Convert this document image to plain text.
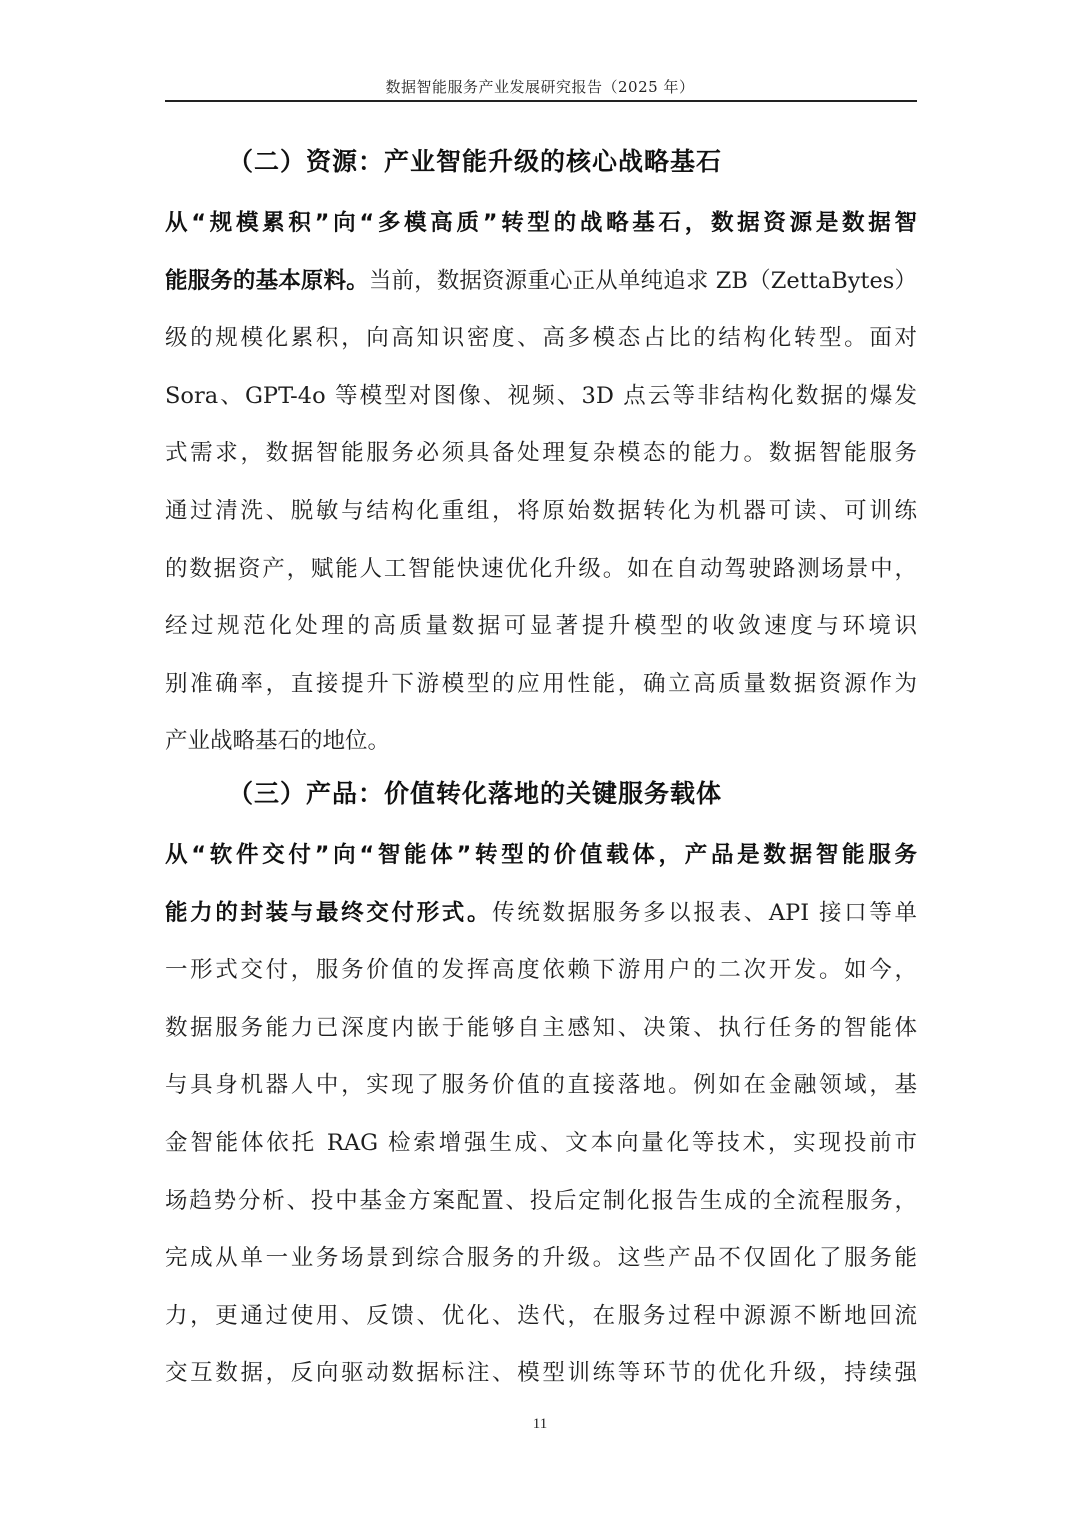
数据智能服务产业发展研究报告（2025 年）
（二）资源：产业智能升级的核心战略基石
从“规模累积”向“多模高质”转型的战略基石，数据资源是数据智
能服务的基本原料。当前，数据资源重心正从单纯追求 ZB（ZettaBytes）
级的规模化累积，向高知识密度、高多模态占比的结构化转型。面对
Sora、GPT-4o 等模型对图像、视频、3D 点云等非结构化数据的爆发
式需求，数据智能服务必须具备处理复杂模态的能力。数据智能服务
通过清洗、脱敏与结构化重组，将原始数据转化为机器可读、可训练
的数据资产，赋能人工智能快速优化升级。如在自动驾驶路测场景中，
经过规范化处理的高质量数据可显著提升模型的收敛速度与环境识
别准确率，直接提升下游模型的应用性能，确立高质量数据资源作为
产业战略基石的地位。
（三）产品：价值转化落地的关键服务载体
从“软件交付”向“智能体”转型的价值载体，产品是数据智能服务
能力的封装与最终交付形式。传统数据服务多以报表、API 接口等单
一形式交付，服务价值的发挥高度依赖下游用户的二次开发。如今，
数据服务能力已深度内嵌于能够自主感知、决策、执行任务的智能体
与具身机器人中，实现了服务价值的直接落地。例如在金融领域，基
金智能体依托 RAG 检索增强生成、文本向量化等技术，实现投前市
场趋势分析、投中基金方案配置、投后定制化报告生成的全流程服务，
完成从单一业务场景到综合服务的升级。这些产品不仅固化了服务能
力，更通过使用、反馈、优化、迭代，在服务过程中源源不断地回流
交互数据，反向驱动数据标注、模型训练等环节的优化升级，持续强
11
